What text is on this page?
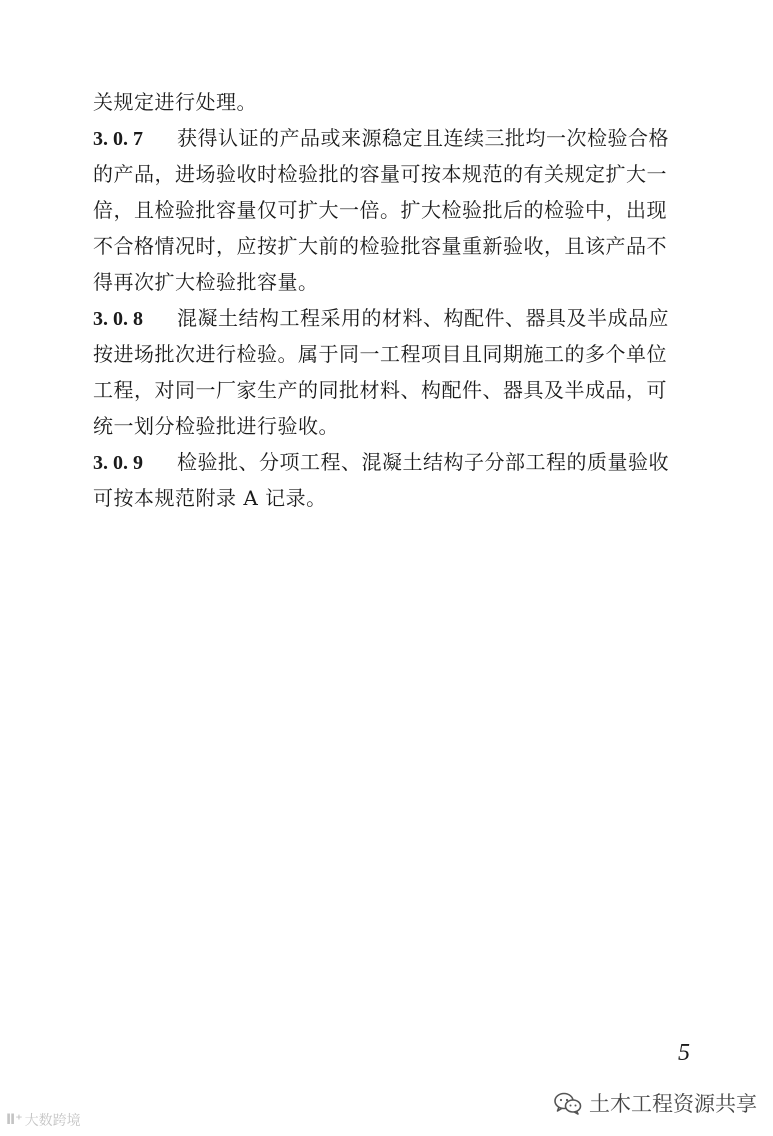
关规定进行处理。
3. 0. 7 获得认证的产品或来源稳定且连续三批均一次检验合格
的产品，进场验收时检验批的容量可按本规范的有关规定扩大一
倍，且检验批容量仅可扩大一倍。扩大检验批后的检验中，出现
不合格情况时，应按扩大前的检验批容量重新验收，且该产品不
得再次扩大检验批容量。
3. 0. 8 混凝土结构工程采用的材料、构配件、器具及半成品应
按进场批次进行检验。属于同一工程项目且同期施工的多个单位
工程，对同一厂家生产的同批材料、构配件、器具及半成品，可
统一划分检验批进行验收。
3. 0. 9 检验批、分项工程、混凝土结构子分部工程的质量验收
可按本规范附录 A 记录。
5
Ⅱ⁺ 大数跨境
土木工程资源共享
